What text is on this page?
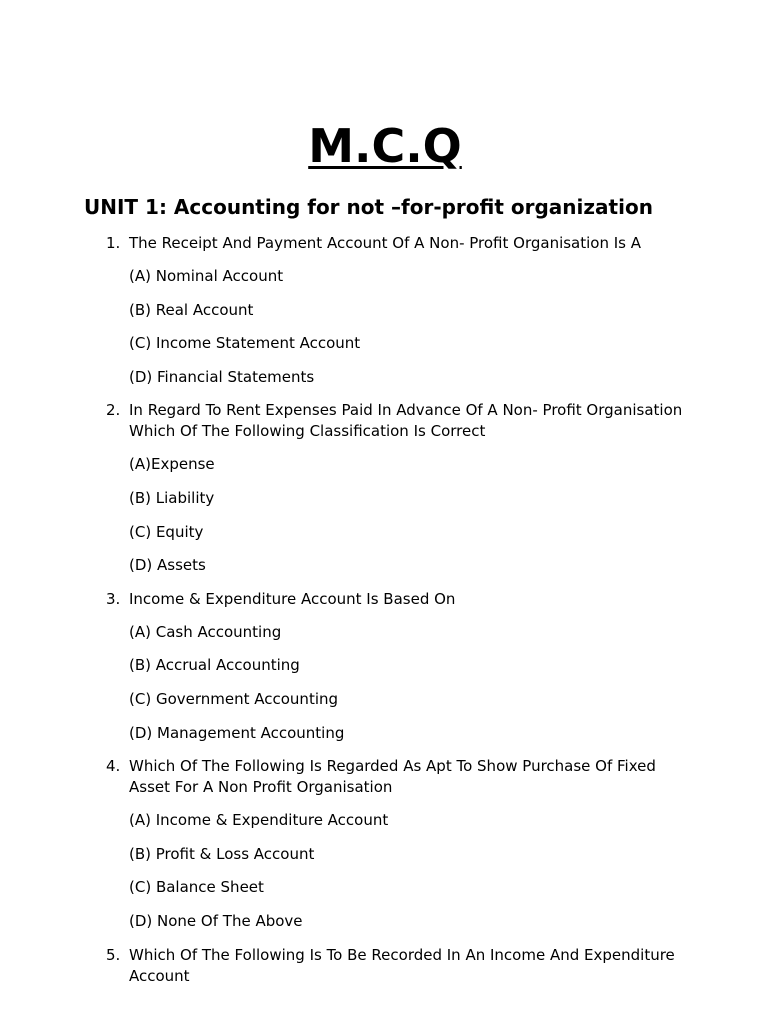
M.C.Q
UNIT 1: Accounting for not –for-profit organization
1. The Receipt And Payment Account Of A Non- Profit Organisation Is A
(A) Nominal Account
(B) Real Account
(C) Income Statement Account
(D) Financial Statements
2. In Regard To Rent Expenses Paid In Advance Of A Non- Profit Organisation Which Of The Following Classification Is Correct
(A)Expense
(B) Liability
(C) Equity
(D) Assets
3. Income & Expenditure Account Is Based On
(A) Cash Accounting
(B) Accrual Accounting
(C) Government Accounting
(D) Management Accounting
4. Which Of The Following Is Regarded As Apt To Show Purchase Of Fixed Asset For A Non Profit Organisation
(A) Income & Expenditure Account
(B) Profit & Loss Account
(C) Balance Sheet
(D) None Of The Above
5. Which Of The Following Is To Be Recorded In An Income And Expenditure Account
